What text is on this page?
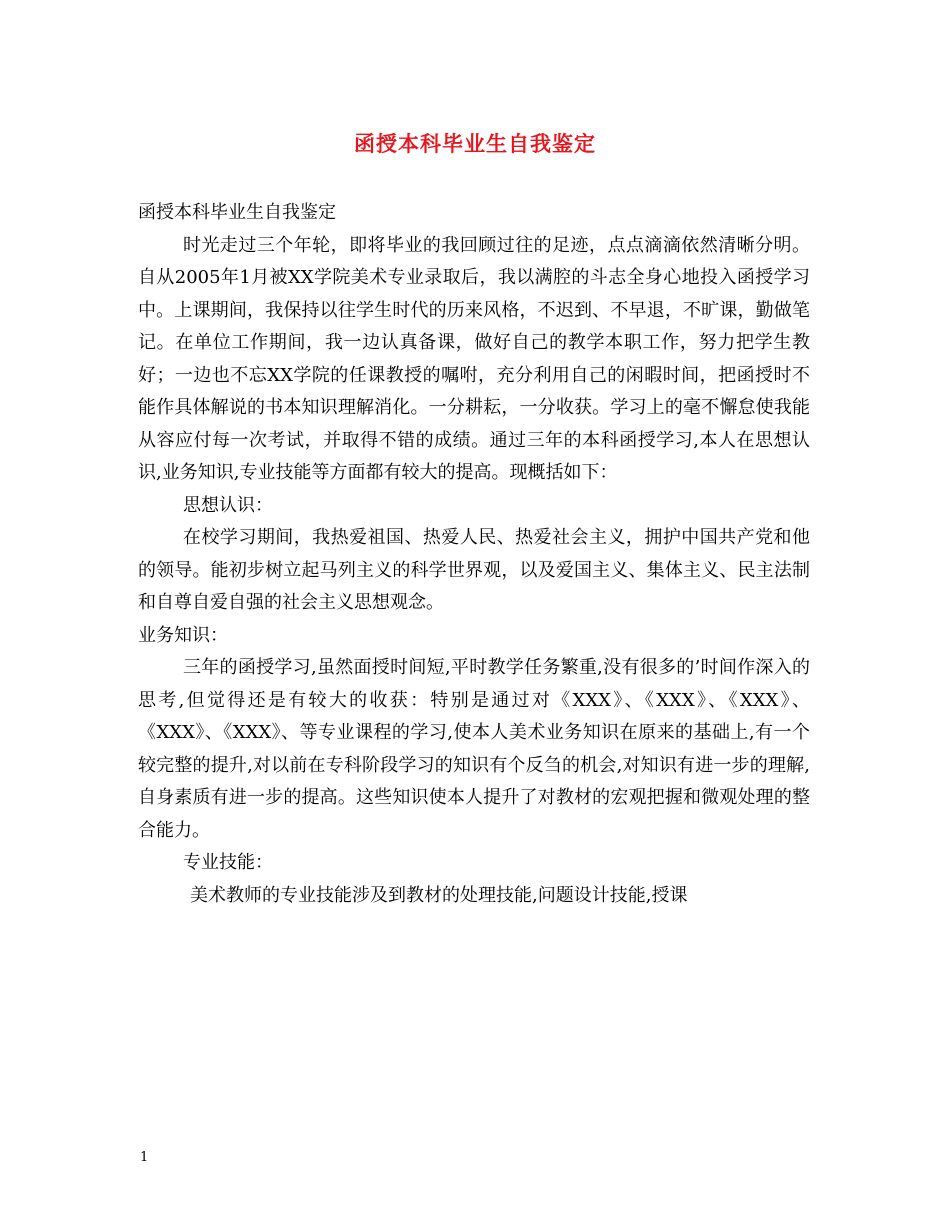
函授本科毕业生自我鉴定

函授本科毕业生自我鉴定

时光走过三个年轮，即将毕业的我回顾过往的足迹，点点滴滴依然清晰分明。自从2005年1月被XX学院美术专业录取后，我以满腔的斗志全身心地投入函授学习中。上课期间，我保持以往学生时代的历来风格，不迟到、不早退，不旷课，勤做笔记。在单位工作期间，我一边认真备课，做好自己的教学本职工作，努力把学生教好；一边也不忘XX学院的任课教授的嘱咐，充分利用自己的闲暇时间，把函授时不能作具体解说的书本知识理解消化。一分耕耘，一分收获。学习上的毫不懈怠使我能从容应付每一次考试，并取得不错的成绩。通过三年的本科函授学习,本人在思想认识,业务知识,专业技能等方面都有较大的提高。现概括如下：

思想认识：

在校学习期间，我热爱祖国、热爱人民、热爱社会主义，拥护中国共产党和他的领导。能初步树立起马列主义的科学世界观，以及爱国主义、集体主义、民主法制和自尊自爱自强的社会主义思想观念。

业务知识：

三年的函授学习,虽然面授时间短,平时教学任务繁重,没有很多的’时间作深入的思考,但觉得还是有较大的收获：特别是通过对《XXX》、《XXX》、《XXX》、《XXX》、《XXX》、等专业课程的学习,使本人美术业务知识在原来的基础上,有一个较完整的提升,对以前在专科阶段学习的知识有个反刍的机会,对知识有进一步的理解,自身素质有进一步的提高。这些知识使本人提升了对教材的宏观把握和微观处理的整合能力。

专业技能：

美术教师的专业技能涉及到教材的处理技能,问题设计技能,授课

1
